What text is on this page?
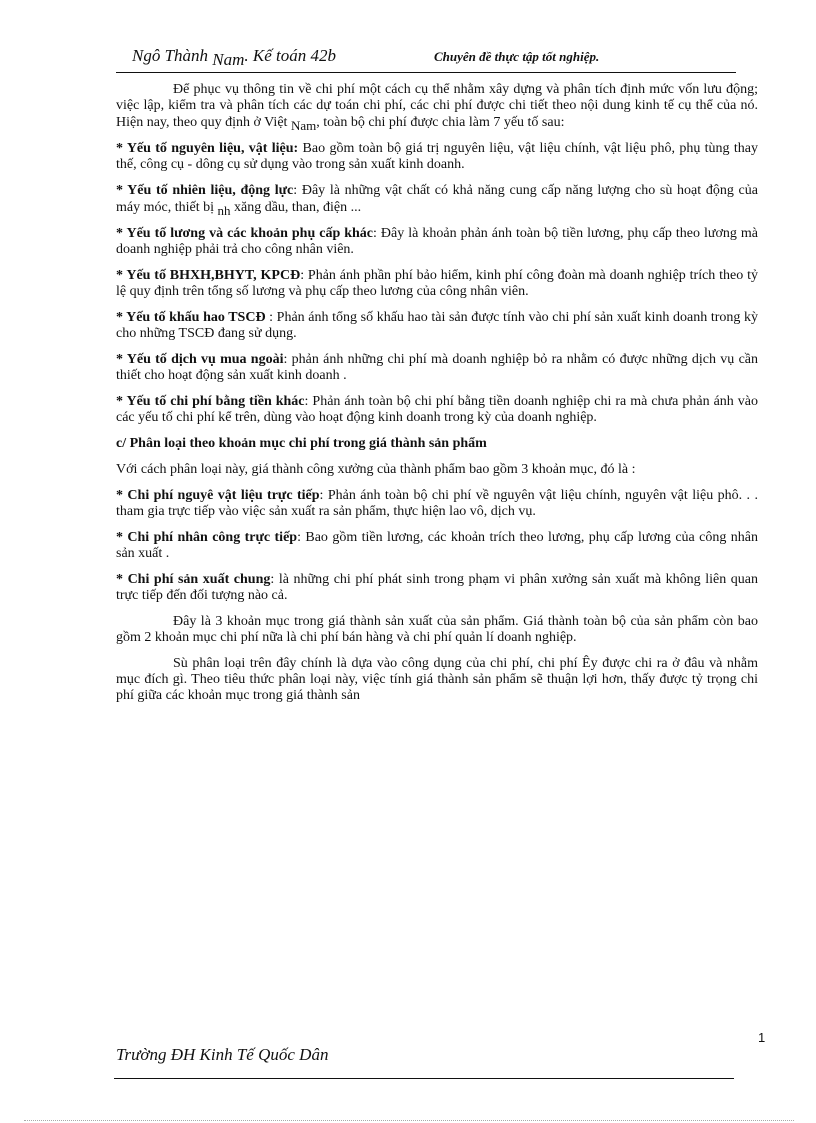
Ngô Thành Nam. Kế toán 42b	Chuyên đề thực tập tốt nghiệp.

Để phục vụ thông tin về chi phí một cách cụ thể nhằm xây dựng và phân tích định mức vốn lưu động; việc lập, kiểm tra và phân tích các dự toán chi phí, các chi phí được chi tiết theo nội dung kinh tế cụ thể của nó. Hiện nay, theo quy định ở Việt Nam, toàn bộ chi phí được chia làm 7 yếu tố sau:

* Yếu tố nguyên liệu, vật liệu: Bao gồm toàn bộ giá trị nguyên liệu, vật liệu chính, vật liệu phô, phụ tùng thay thế, công cụ - dông cụ sử dụng vào trong sản xuất kinh doanh.

* Yếu tố nhiên liệu, động lực: Đây là những vật chất có khả năng cung cấp năng lượng cho sù hoạt động của máy móc, thiết bị nh xăng dầu, than, điện ...

* Yếu tố lương và các khoản phụ cấp khác: Đây là khoản phản ánh toàn bộ tiền lương, phụ cấp theo lương mà doanh nghiệp phải trả cho công nhân viên.

* Yếu tố BHXH,BHYT, KPCĐ: Phản ánh phần phí bảo hiểm, kinh phí công đoàn mà doanh nghiệp trích theo tỷ lệ quy định trên tổng số lương và phụ cấp theo lương của công nhân viên.

* Yếu tố khấu hao TSCĐ : Phản ánh tổng số khấu hao tài sản được tính vào chi phí sản xuất kinh doanh trong kỳ cho những TSCĐ đang sử dụng.

* Yếu tố dịch vụ mua ngoài: phản ánh những chi phí mà doanh nghiệp bỏ ra nhằm có được những dịch vụ cần thiết cho hoạt động sản xuất kinh doanh .

* Yếu tố chi phí bằng tiền khác: Phản ánh toàn bộ chi phí bằng tiền doanh nghiệp chi ra mà chưa phản ánh vào các yếu tố chi phí kể trên, dùng vào hoạt động kinh doanh trong kỳ của doanh nghiệp.

c/ Phân loại theo khoản mục chi phí trong giá thành sản phẩm

Với cách phân loại này, giá thành công xưởng của thành phẩm bao gồm 3 khoản mục, đó là :

* Chi phí nguyê vật liệu trực tiếp: Phản ánh toàn bộ chi phí về nguyên vật liệu chính, nguyên vật liệu phô. . . tham gia trực tiếp vào việc sản xuất ra sản phẩm, thực hiện lao vô, dịch vụ.

* Chi phí nhân công trực tiếp: Bao gồm tiền lương, các khoản trích theo lương, phụ cấp lương của công nhân sản xuất .

* Chi phí sản xuất chung: là những chi phí phát sinh trong phạm vi phân xưởng sản xuất mà không liên quan trực tiếp đến đối tượng nào cả.

Đây là 3 khoản mục trong giá thành sản xuất của sản phẩm. Giá thành toàn bộ của sản phẩm còn bao gồm 2 khoản mục chi phí nữa là chi phí bán hàng và chi phí quản lí doanh nghiệp.

Sù phân loại trên đây chính là dựa vào công dụng của chi phí, chi phí Êy được chi ra ở đâu và nhằm mục đích gì. Theo tiêu thức phân loại này, việc tính giá thành sản phẩm sẽ thuận lợi hơn, thấy được tỷ trọng chi phí giữa các khoản mục trong giá thành sản

1
Trường ĐH Kinh Tế Quốc Dân
